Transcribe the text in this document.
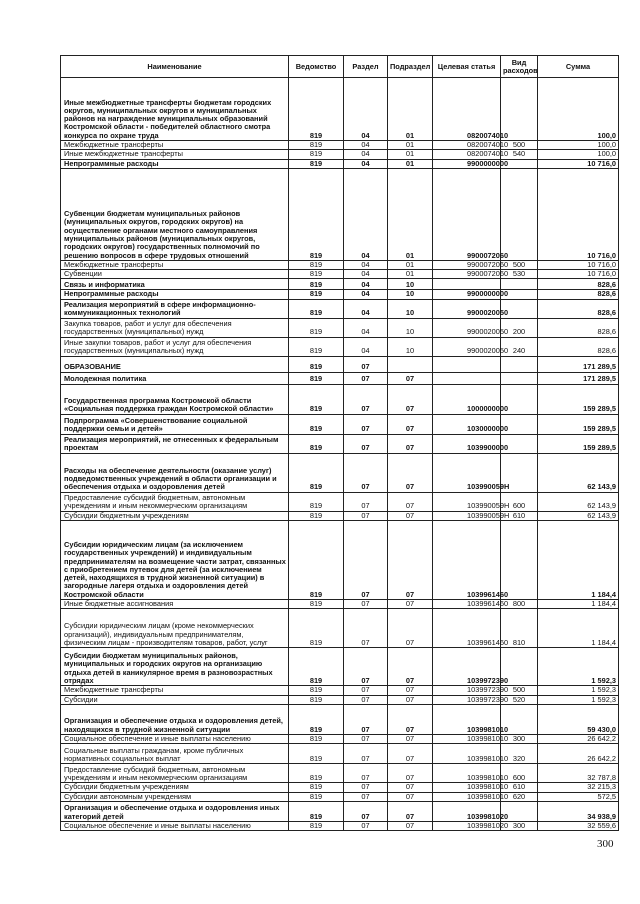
Наименование	Ведомство	Раздел	Подраздел	Целевая статья	Вид расходов	Сумма
Иные межбюджетные трансферты бюджетам городских округов, муниципальных округов и муниципальных районов на награждение муниципальных образований Костромской области - победителей областного смотра конкурса по охране труда	819	04	01	0820074010		100,0
Межбюджетные трансферты	819	04	01	0820074010	500	100,0
Иные межбюджетные трансферты	819	04	01	0820074010	540	100,0
Непрограммные расходы	819	04	01	9900000000		10 716,0
Субвенции бюджетам муниципальных районов (муниципальных округов, городских округов) на осуществление органами местного самоуправления муниципальных районов (муниципальных округов, городских округов) государственных полномочий по решению вопросов в сфере трудовых отношений	819	04	01	9900072060		10 716,0
Межбюджетные трансферты	819	04	01	9900072060	500	10 716,0
Субвенции	819	04	01	9900072060	530	10 716,0
Связь и информатика	819	04	10			828,6
Непрограммные расходы	819	04	10	9900000000		828,6
Реализация мероприятий в сфере информационно-коммуникационных технологий	819	04	10	9900020050		828,6
Закупка товаров, работ и услуг для обеспечения государственных (муниципальных) нужд	819	04	10	9900020050	200	828,6
Иные закупки товаров, работ и услуг для обеспечения государственных (муниципальных) нужд	819	04	10	9900020050	240	828,6
ОБРАЗОВАНИЕ	819	07				171 289,5
Молодежная политика	819	07	07			171 289,5
Государственная программа Костромской области «Социальная поддержка граждан Костромской области»	819	07	07	1000000000		159 289,5
Подпрограмма «Совершенствование социальной поддержки семьи и детей»	819	07	07	1030000000		159 289,5
Реализация мероприятий, не отнесенных к федеральным проектам	819	07	07	1039900000		159 289,5
Расходы на обеспечение деятельности (оказание услуг) подведомственных учреждений в области организации и обеспечения отдыха и оздоровления детей	819	07	07	103990059H		62 143,9
Предоставление субсидий бюджетным, автономным учреждениям и иным некоммерческим организациям	819	07	07	103990059H	600	62 143,9
Субсидии бюджетным учреждениям	819	07	07	103990059H	610	62 143,9
Субсидии юридическим лицам (за исключением государственных учреждений) и индивидуальным предпринимателям на возмещение части затрат, связанных с приобретением путевок для детей (за исключением детей, находящихся в трудной жизненной ситуации) в загородные лагеря отдыха и оздоровления детей Костромской области	819	07	07	1039961460		1 184,4
Иные бюджетные ассигнования	819	07	07	1039961460	800	1 184,4
Субсидии юридическим лицам (кроме некоммерческих организаций), индивидуальным предпринимателям, физическим лицам - производителям товаров, работ, услуг	819	07	07	1039961460	810	1 184,4
Субсидии бюджетам муниципальных районов, муниципальных и городских округов на организацию отдыха детей в каникулярное время в разновозрастных отрядах	819	07	07	1039972390		1 592,3
Межбюджетные трансферты	819	07	07	1039972390	500	1 592,3
Субсидии	819	07	07	1039972390	520	1 592,3
Организация и обеспечение отдыха и оздоровления детей, находящихся в трудной жизненной ситуации	819	07	07	1039981010		59 430,0
Социальное обеспечение и иные выплаты населению	819	07	07	1039981010	300	26 642,2
Социальные выплаты гражданам, кроме публичных нормативных социальных выплат	819	07	07	1039981010	320	26 642,2
Предоставление субсидий бюджетным, автономным учреждениям и иным некоммерческим организациям	819	07	07	1039981010	600	32 787,8
Субсидии бюджетным учреждениям	819	07	07	1039981010	610	32 215,3
Субсидии автономным учреждениям	819	07	07	1039981010	620	572,5
Организация и обеспечение отдыха и оздоровления иных категорий детей	819	07	07	1039981020		34 938,9
Социальное обеспечение и иные выплаты населению	819	07	07	1039981020	300	32 559,6
300
